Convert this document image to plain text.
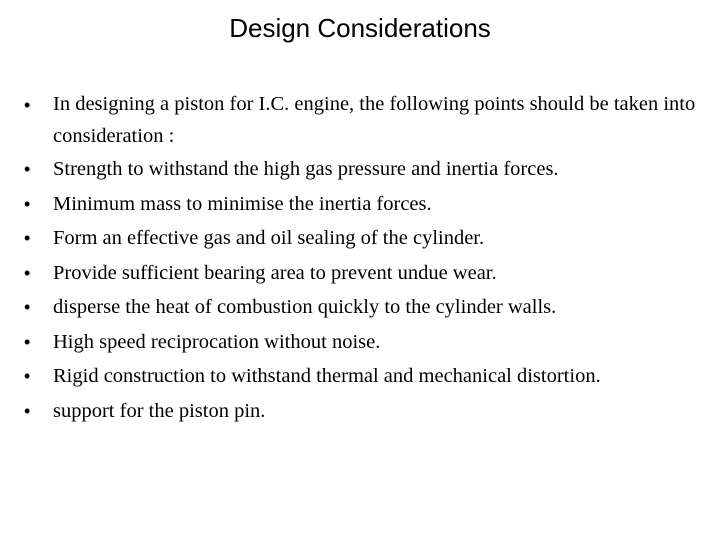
Design Considerations
•	In designing a piston for I.C. engine, the following points should be taken into consideration :
•	Strength to withstand the high gas pressure and inertia forces.
•	Minimum mass to minimise the inertia forces.
•	Form an effective gas and oil sealing of the cylinder.
•	Provide sufficient bearing area to prevent undue wear.
•	disperse the heat of combustion quickly to the cylinder walls.
•	High speed reciprocation without noise.
•	Rigid construction to withstand thermal and mechanical distortion.
•	support for the piston pin.
